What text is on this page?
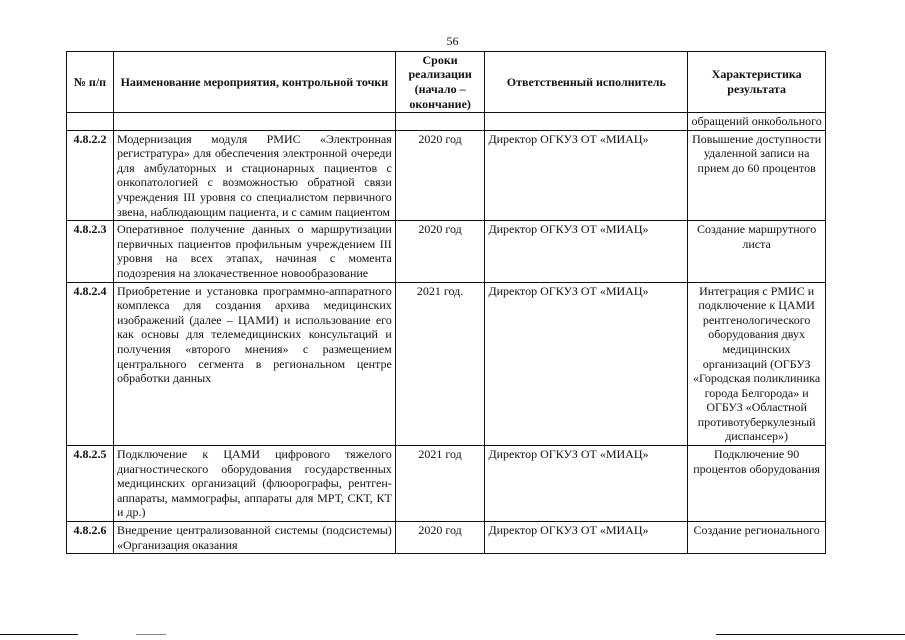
56
№ п/п	Наименование мероприятия, контрольной точки	Сроки реализации (начало – окончание)	Ответственный исполнитель	Характеристика результата
				обращений онкобольного
4.8.2.2	Модернизация модуля РМИС «Электронная регистратура» для обеспечения электронной очереди для амбулаторных и стационарных пациентов с онкопатологией с возможностью обратной связи учреждения III уровня со специалистом первичного звена, наблюдающим пациента, и с самим пациентом	2020 год	Директор ОГКУЗ ОТ «МИАЦ»	Повышение доступности удаленной записи на прием до 60 процентов
4.8.2.3	Оперативное получение данных о маршрутизации первичных пациентов профильным учреждением III уровня на всех этапах, начиная с момента подозрения на злокачественное новообразование	2020 год	Директор ОГКУЗ ОТ «МИАЦ»	Создание маршрутного листа
4.8.2.4	Приобретение и установка программно-аппаратного комплекса для создания архива медицинских изображений (далее – ЦАМИ) и использование его как основы для телемедицинских консультаций и получения «второго мнения» с размещением центрального сегмента в региональном центре обработки данных	2021 год.	Директор ОГКУЗ ОТ «МИАЦ»	Интеграция с РМИС и подключение к ЦАМИ рентгенологического оборудования двух медицинских организаций (ОГБУЗ «Городская поликлиника города Белгорода» и ОГБУЗ «Областной противотуберкулезный диспансер»)
4.8.2.5	Подключение к ЦАМИ цифрового тяжелого диагностического оборудования государственных медицинских организаций (флюорографы, рентген-аппараты, маммографы, аппараты для МРТ, СКТ, КТ и др.)	2021 год	Директор ОГКУЗ ОТ «МИАЦ»	Подключение 90 процентов оборудования
4.8.2.6	Внедрение централизованной системы (подсистемы) «Организация оказания	2020 год	Директор ОГКУЗ ОТ «МИАЦ»	Создание регионального
